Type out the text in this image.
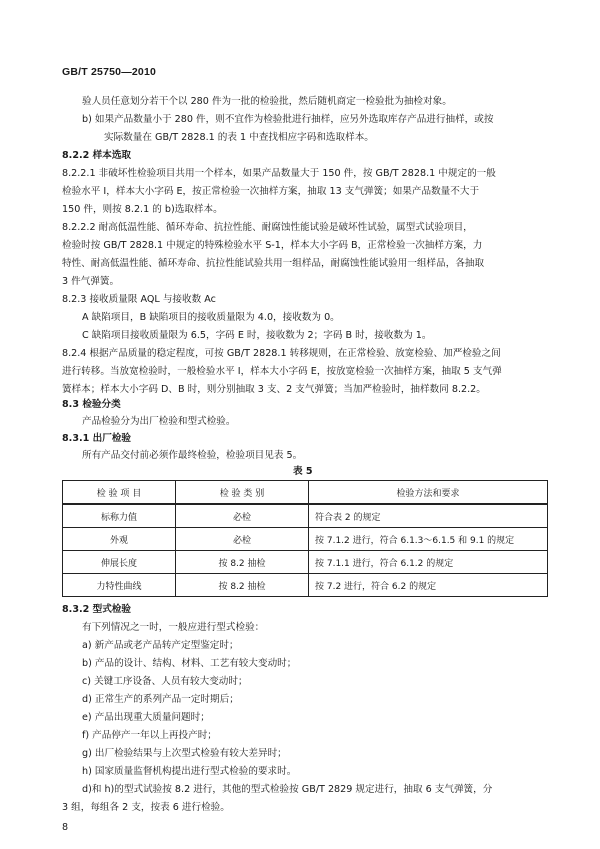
GB/T 25750—2010
验人员任意划分若干个以 280 件为一批的检验批，然后随机商定一检验批为抽检对象。
b) 如果产品数量小于 280 件，则不宜作为检验批进行抽样，应另外选取库存产品进行抽样，或按
实际数量在 GB/T 2828.1 的表 1 中查找相应字码和选取样本。
8.2.2 样本选取
8.2.2.1 非破坏性检验项目共用一个样本，如果产品数量大于 150 件，按 GB/T 2828.1 中规定的一般
检验水平 Ⅰ，样本大小字码 E，按正常检验一次抽样方案，抽取 13 支气弹簧；如果产品数量不大于
150 件，则按 8.2.1 的 b)选取样本。
8.2.2.2 耐高低温性能、循环寿命、抗拉性能、耐腐蚀性能试验是破坏性试验，属型式试验项目，
检验时按 GB/T 2828.1 中规定的特殊检验水平 S-1，样本大小字码 B，正常检验一次抽样方案，力
特性、耐高低温性能、循环寿命、抗拉性能试验共用一组样品，耐腐蚀性能试验用一组样品，各抽取
3 件气弹簧。
8.2.3 接收质量限 AQL 与接收数 Ac
A 缺陷项目，B 缺陷项目的接收质量限为 4.0，接收数为 0。
C 缺陷项目接收质量限为 6.5，字码 E 时，接收数为 2；字码 B 时，接收数为 1。
8.2.4 根据产品质量的稳定程度，可按 GB/T 2828.1 转移规则，在正常检验、放宽检验、加严检验之间
进行转移。当放宽检验时，一般检验水平 Ⅰ，样本大小字码 E，按放宽检验一次抽样方案，抽取 5 支气弹
簧样本；样本大小字码 D、B 时，则分别抽取 3 支、2 支气弹簧；当加严检验时，抽样数同 8.2.2。
8.3 检验分类
产品检验分为出厂检验和型式检验。
表 5
检 验 项 目	检 验 类 别	检验方法和要求
标称力值	必检	符合表 2 的规定
外观	必检	按 7.1.2 进行，符合 6.1.3～6.1.5 和 9.1 的规定
伸展长度	按 8.2 抽检	按 7.1.1 进行，符合 6.1.2 的规定
力特性曲线	按 8.2 抽检	按 7.2 进行，符合 6.2 的规定
8.3.2 型式检验
有下列情况之一时，一般应进行型式检验：
a) 新产品或老产品转产定型鉴定时；
b) 产品的设计、结构、材料、工艺有较大变动时；
c) 关键工序设备、人员有较大变动时；
d) 正常生产的系列产品一定时期后；
e) 产品出现重大质量问题时；
f) 产品停产一年以上再投产时；
g) 出厂检验结果与上次型式检验有较大差异时；
h) 国家质量监督机构提出进行型式检验的要求时。
8
8.3.1 出厂检验
所有产品交付前必须作最终检验，检验项目见表 5。
d)和 h)的型式试验按 8.2 进行，其他的型式检验按 GB/T 2829 规定进行，抽取 6 支气弹簧，分
3 组，每组各 2 支，按表 6 进行检验。
